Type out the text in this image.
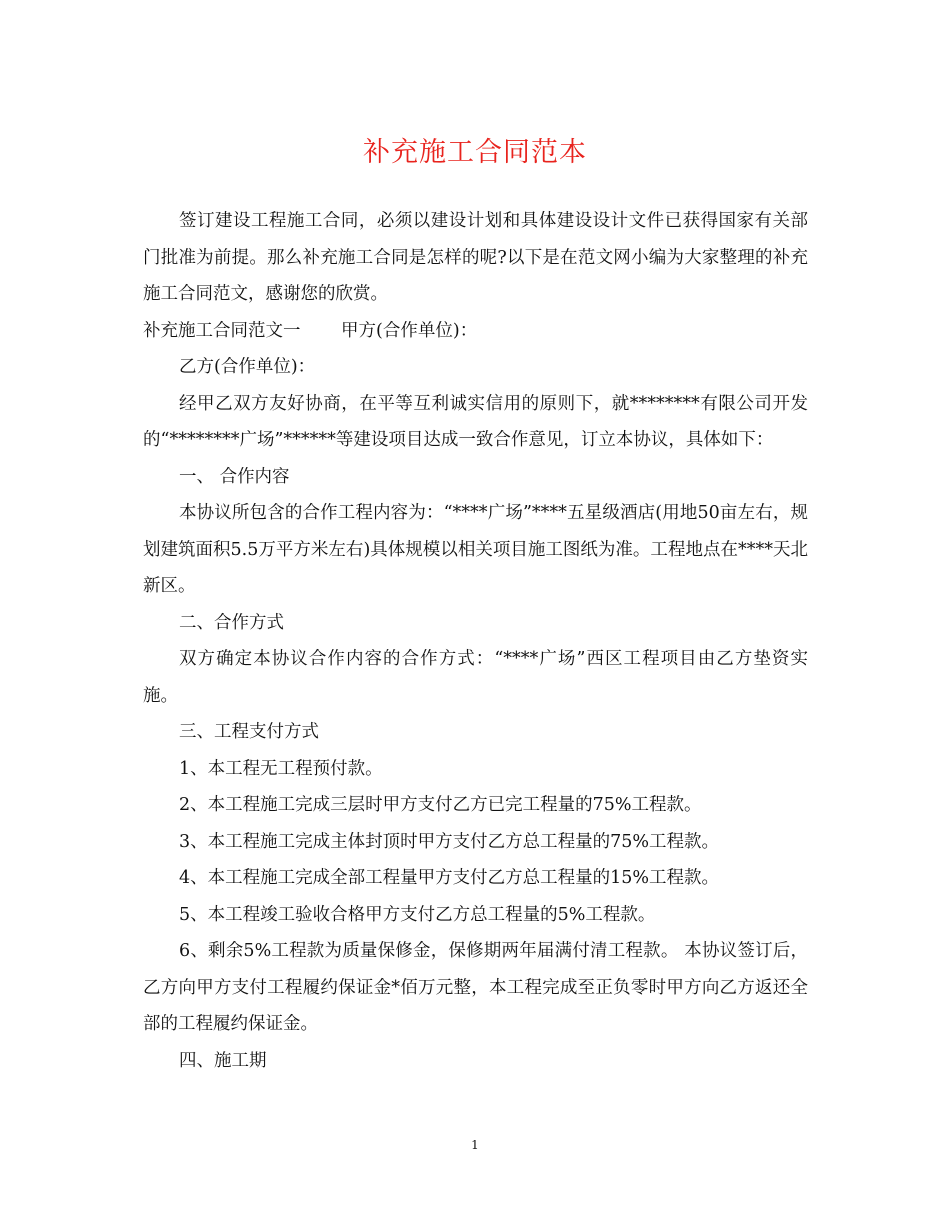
补充施工合同范本

签订建设工程施工合同，必须以建设计划和具体建设设计文件已获得国家有关部门批准为前提。那么补充施工合同是怎样的呢?以下是在范文网小编为大家整理的补充施工合同范文，感谢您的欣赏。

补充施工合同范文一　　 甲方(合作单位)：

乙方(合作单位)：

经甲乙双方友好协商，在平等互利诚实信用的原则下，就********有限公司开发的“********广场”******等建设项目达成一致合作意见，订立本协议，具体如下：

一、 合作内容

本协议所包含的合作工程内容为：“****广场”****五星级酒店(用地50亩左右，规划建筑面积5.5万平方米左右)具体规模以相关项目施工图纸为准。工程地点在****天北新区。

二、合作方式

双方确定本协议合作内容的合作方式：“****广场”西区工程项目由乙方垫资实施。

三、工程支付方式

1、本工程无工程预付款。

2、本工程施工完成三层时甲方支付乙方已完工程量的75%工程款。

3、本工程施工完成主体封顶时甲方支付乙方总工程量的75%工程款。

4、本工程施工完成全部工程量甲方支付乙方总工程量的15%工程款。

5、本工程竣工验收合格甲方支付乙方总工程量的5%工程款。

6、剩余5%工程款为质量保修金，保修期两年届满付清工程款。 本协议签订后，乙方向甲方支付工程履约保证金*佰万元整，本工程完成至正负零时甲方向乙方返还全部的工程履约保证金。

四、施工期

1
